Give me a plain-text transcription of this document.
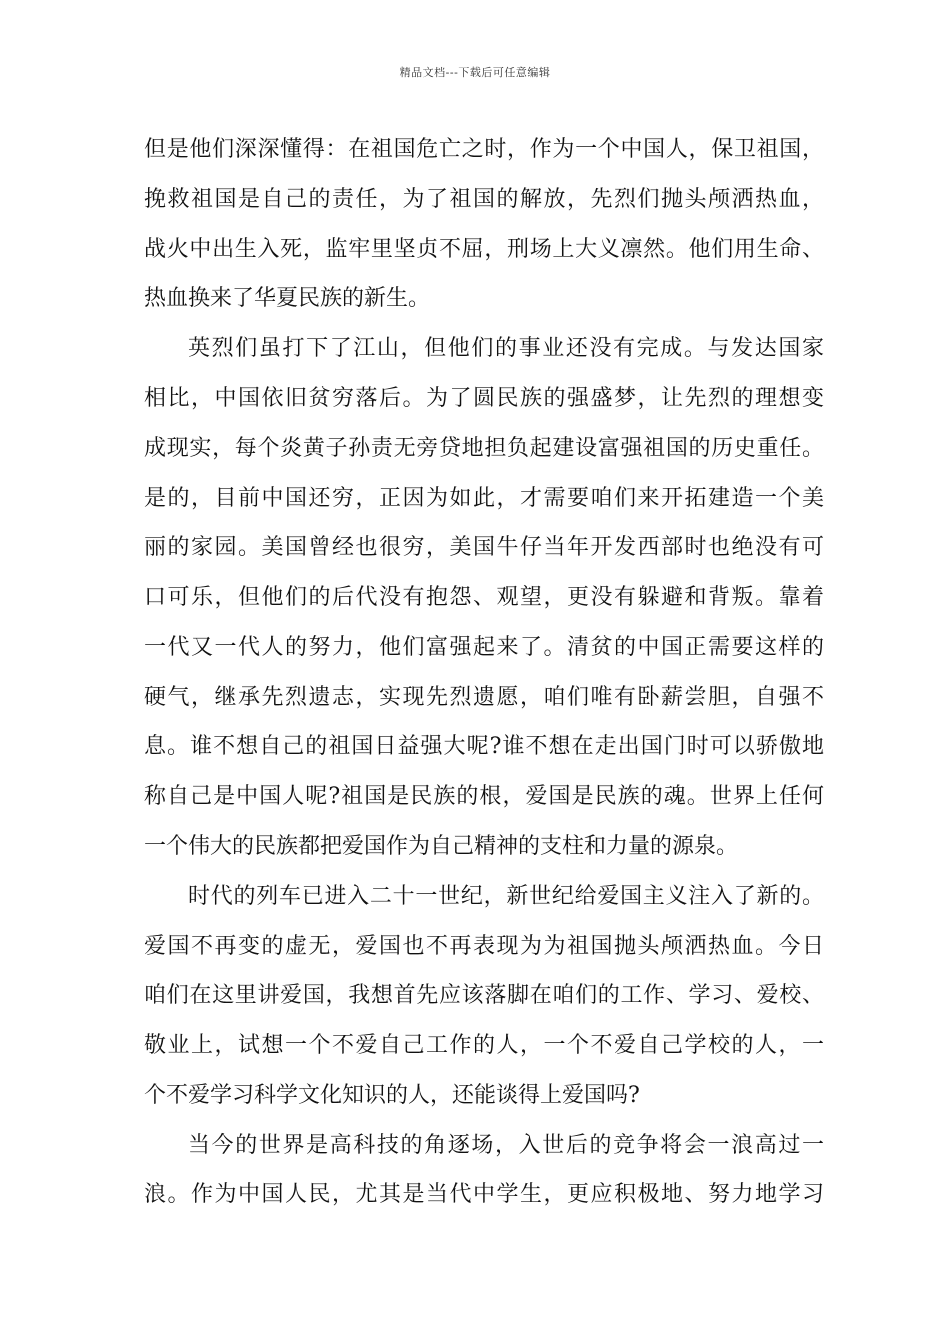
精品文档---下载后可任意编辑
但是他们深深懂得：在祖国危亡之时，作为一个中国人，保卫祖国，
挽救祖国是自己的责任，为了祖国的解放，先烈们抛头颅洒热血，
战火中出生入死，监牢里坚贞不屈，刑场上大义凛然。他们用生命、
热血换来了华夏民族的新生。
英烈们虽打下了江山，但他们的事业还没有完成。与发达国家
相比，中国依旧贫穷落后。为了圆民族的强盛梦，让先烈的理想变
成现实，每个炎黄子孙责无旁贷地担负起建设富强祖国的历史重任。
是的，目前中国还穷，正因为如此，才需要咱们来开拓建造一个美
丽的家园。美国曾经也很穷，美国牛仔当年开发西部时也绝没有可
口可乐，但他们的后代没有抱怨、观望，更没有躲避和背叛。靠着
一代又一代人的努力，他们富强起来了。清贫的中国正需要这样的
硬气，继承先烈遗志，实现先烈遗愿，咱们唯有卧薪尝胆，自强不
息。谁不想自己的祖国日益强大呢?谁不想在走出国门时可以骄傲地
称自己是中国人呢?祖国是民族的根，爱国是民族的魂。世界上任何
一个伟大的民族都把爱国作为自己精神的支柱和力量的源泉。
时代的列车已进入二十一世纪，新世纪给爱国主义注入了新的。
爱国不再变的虚无，爱国也不再表现为为祖国抛头颅洒热血。今日
咱们在这里讲爱国，我想首先应该落脚在咱们的工作、学习、爱校、
敬业上，试想一个不爱自己工作的人，一个不爱自己学校的人，一
个不爱学习科学文化知识的人，还能谈得上爱国吗?
当今的世界是高科技的角逐场，入世后的竞争将会一浪高过一
浪。作为中国人民，尤其是当代中学生，更应积极地、努力地学习
